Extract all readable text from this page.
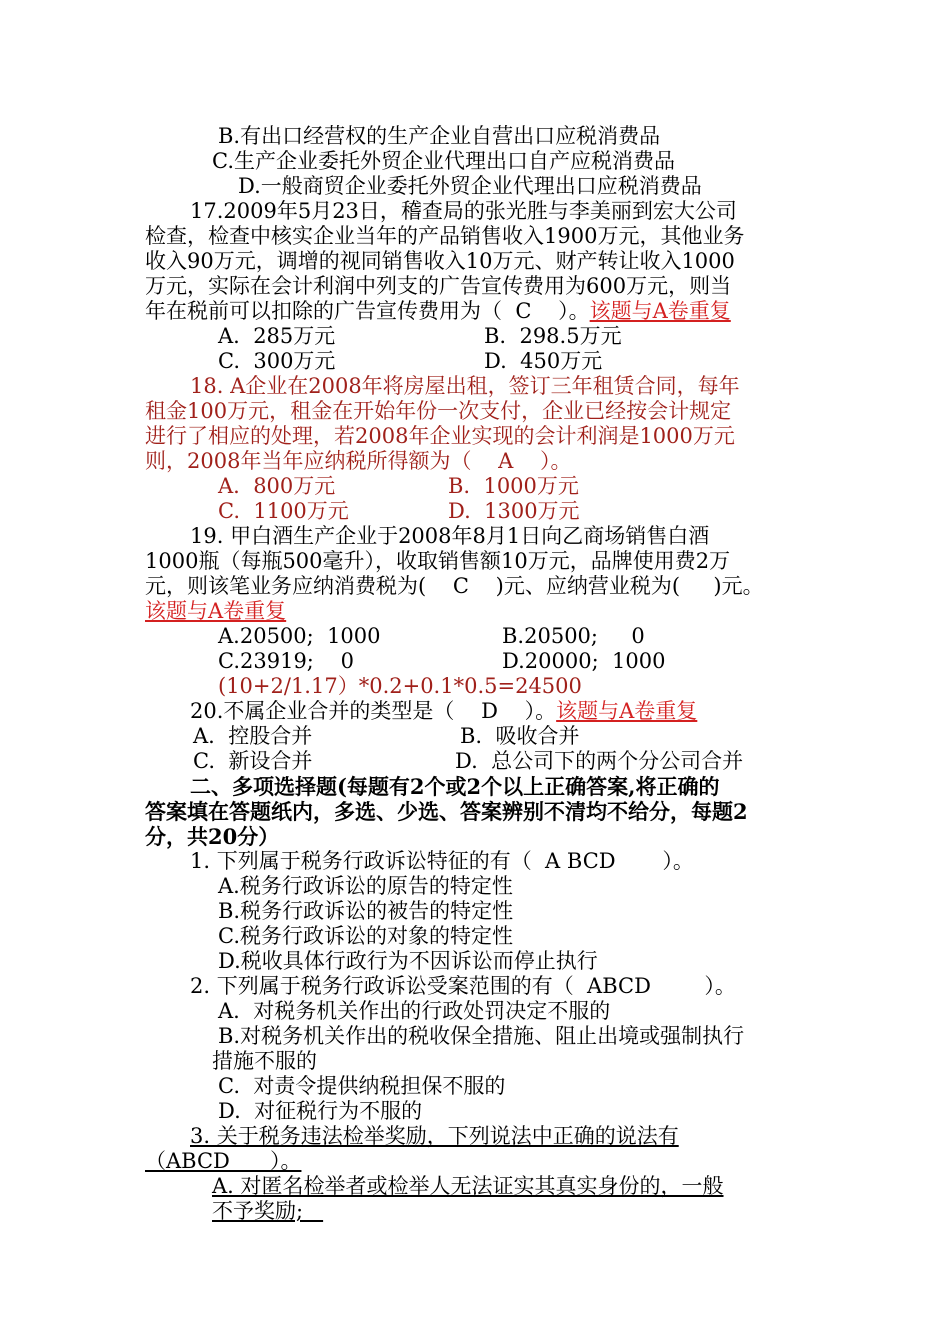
B.有出口经营权的生产企业自营出口应税消费品
C.生产企业委托外贸企业代理出口自产应税消费品
D.一般商贸企业委托外贸企业代理出口应税消费品
17.2009年5月23日，稽查局的张光胜与李美丽到宏大公司
检查，检查中核实企业当年的产品销售收入1900万元，其他业务
收入90万元，调增的视同销售收入10万元、财产转让收入1000
万元，实际在会计利润中列支的广告宣传费用为600万元，则当
年在税前可以扣除的广告宣传费用为（  C    ）。该题与A卷重复
A.  285万元	B.  298.5万元
C.  300万元	D.  450万元
18. A企业在2008年将房屋出租，签订三年租赁合同，每年
租金100万元，租金在开始年份一次支付，企业已经按会计规定
进行了相应的处理，若2008年企业实现的会计利润是1000万元
则，2008年当年应纳税所得额为（    A    ）。
A.  800万元	B.  1000万元
C.  1100万元	D.  1300万元
19. 甲白酒生产企业于2008年8月1日向乙商场销售白酒
1000瓶（每瓶500毫升），收取销售额10万元，品牌使用费2万
元，则该笔业务应纳消费税为(    C    )元、应纳营业税为(     )元。
该题与A卷重复
A.20500;  1000	B.20500;     0
C.23919;    0	D.20000;  1000
(10+2/1.17）*0.2+0.1*0.5=24500
20.不属企业合并的类型是（    D    ）。该题与A卷重复
A.  控股合并	B.  吸收合并
C.  新设合并	D.  总公司下的两个分公司合并
二、多项选择题(每题有2个或2个以上正确答案,将正确的
答案填在答题纸内，多选、少选、答案辨别不清均不给分，每题2
分，共20分）
1. 下列属于税务行政诉讼特征的有（  A BCD       ）。
A.税务行政诉讼的原告的特定性
B.税务行政诉讼的被告的特定性
C.税务行政诉讼的对象的特定性
D.税收具体行政行为不因诉讼而停止执行
2. 下列属于税务行政诉讼受案范围的有（  ABCD        ）。
A.  对税务机关作出的行政处罚决定不服的
B.对税务机关作出的税收保全措施、阻止出境或强制执行
措施不服的
C.  对责令提供纳税担保不服的
D.  对征税行为不服的
3. 关于税务违法检举奖励，下列说法中正确的说法有
（ABCD      ）。
A. 对匿名检举者或检举人无法证实其真实身份的，一般
不予奖励;
